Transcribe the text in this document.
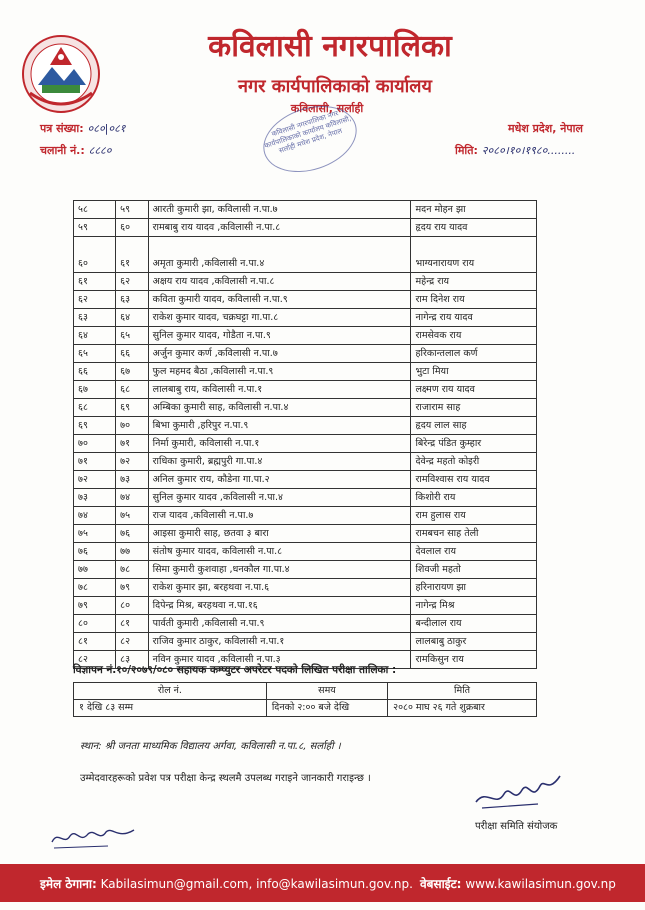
कविलासी नगरपालिका
नगर कार्यपालिकाको कार्यालय
कविलासी, सर्लाही
कविलासी नगरपालिका नगर कार्यपालिकाको कार्यालय कविलासी, सर्लाही मधेश प्रदेश, नेपाल
पत्र संख्या: ०८०|०८१
चलानी नं.: ८८८०
मधेश प्रदेश, नेपाल
मिति: २०८०।१०।१९८०........
५८	५९	आरती कुमारी झा, कविलासी न.पा.७	मदन मोहन झा
५९	६०	रामबाबु राय यादव ,कविलासी न.पा.८	हृदय राय यादव
६०	६१	अमृता कुमारी ,कविलासी न.पा.४	भाग्यनारायण राय
६१	६२	अक्षय राय यादव ,कविलासी न.पा.८	महेन्द्र राय
६२	६३	कविता कुमारी यादव, कविलासी न.पा.९	राम दिनेश राय
६३	६४	राकेश कुमार यादव, चक्रघट्टा गा.पा.८	नागेन्द्र राय यादव
६४	६५	सुनिल कुमार यादव, गोडैता न.पा.९	रामसेवक राय
६५	६६	अर्जुन कुमार कर्ण ,कविलासी न.पा.७	हरिकान्तलाल कर्ण
६६	६७	फुल महमद बैठा ,कविलासी न.पा.९	भुटा मिया
६७	६८	लालबाबु राय, कविलासी न.पा.१	लक्ष्मण राय यादव
६८	६९	अम्बिका कुमारी साह, कविलासी न.पा.४	राजाराम साह
६९	७०	बिभा कुमारी ,हरिपुर न.पा.९	हृदय लाल साह
७०	७१	निर्मा कुमारी, कविलासी न.पा.१	बिरेन्द्र पंडित कुम्हार
७१	७२	राधिका कुमारी, ब्रह्मपुरी गा.पा.४	देवेन्द्र महतो कोइरी
७२	७३	अनिल कुमार राय, कौडेना गा.पा.२	रामविश्वास राय यादव
७३	७४	सुनिल कुमार यादव ,कविलासी न.पा.४	किशोरी राय
७४	७५	राज यादव ,कविलासी न.पा.७	राम हुलास राय
७५	७६	आइसा कुमारी साह, छतवा ३ बारा	रामबचन साह तेली
७६	७७	संतोष कुमार यादव, कविलासी न.पा.८	देवलाल राय
७७	७८	सिमा कुमारी कुशवाहा ,धनकौल गा.पा.४	शिवजी महतो
७८	७९	राकेश कुमार झा, बरहथवा न.पा.६	हरिनारायण झा
७९	८०	दिपेन्द्र मिश्र, बरहथवा न.पा.१६	नागेन्द्र मिश्र
८०	८१	पार्वती कुमारी ,कविलासी न.पा.९	बन्दीलाल राय
८१	८२	राजिव कुमार ठाकुर, कविलासी न.पा.१	लालबाबु ठाकुर
८२	८३	नविन कुमार यादव ,कविलासी न.पा.३	रामकिसुन राय
विज्ञापन नं.१०/२०७९/०८० सहायक कम्प्युटर अपरेटर पदको लिखित परीक्षा तालिका :
रोल नं.	समय	मिति
१ देखि ८३ सम्म	दिनको २:०० बजे देखि	२०८० माघ २६ गते शुक्रबार
स्थान: श्री जनता माध्यमिक विद्यालय अर्गवा, कविलासी न.पा.८, सर्लाही ।
उम्मेदवारहरूको प्रवेश पत्र परीक्षा केन्द्र स्थलमै उपलब्ध गराइने जानकारी गराइन्छ ।
परीक्षा समिति संयोजक
इमेल ठेगाना: Kabilasimun@gmail.com, info@kawilasimun.gov.np. वेबसाईट: www.kawilasimun.gov.np
